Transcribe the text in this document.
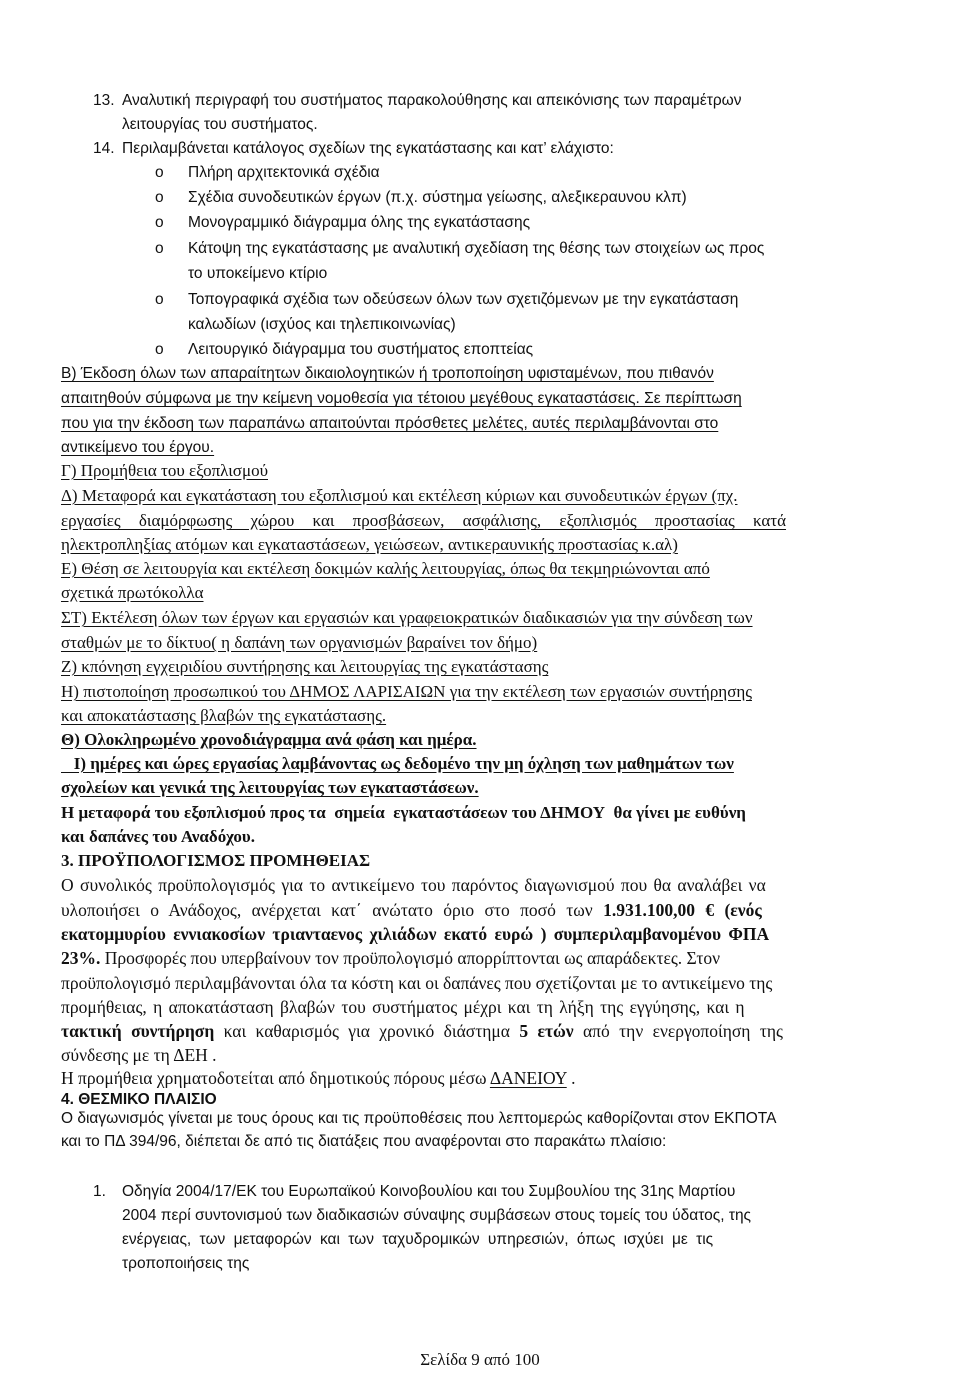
13. Αναλυτική περιγραφή του συστήματος παρακολούθησης και απεικόνισης των παραμέτρων
λειτουργίας του συστήματος.
14. Περιλαμβάνεται κατάλογος σχεδίων της εγκατάστασης και κατ’ ελάχιστο:
o Πλήρη αρχιτεκτονικά σχέδια
o Σχέδια συνοδευτικών έργων (π.χ. σύστημα γείωσης, αλεξικεραυνου κλπ)
o Μονογραμμικό διάγραμμα όλης της εγκατάστασης
o Κάτοψη της εγκατάστασης με αναλυτική σχεδίαση της θέσης των στοιχείων ως προς
το υποκείμενο κτίριο
o Τοπογραφικά σχέδια των οδεύσεων όλων των σχετιζόμενων με την εγκατάσταση
καλωδίων (ισχύος και τηλεπικοινωνίας)
o Λειτουργικό διάγραμμα του συστήματος εποπτείας
Β) Έκδοση όλων των απαραίτητων δικαιολογητικών ή τροποποίηση υφισταμένων, που πιθανόν
απαιτηθούν σύμφωνα με την κείμενη νομοθεσία για τέτοιου μεγέθους εγκαταστάσεις. Σε περίπτωση
που για την έκδοση των παραπάνω απαιτούνται πρόσθετες μελέτες, αυτές περιλαμβάνονται στο
αντικείμενο του έργου.
Γ) Προμήθεια του εξοπλισμού
Δ) Μεταφορά και εγκατάσταση του εξοπλισμού και εκτέλεση κύριων και συνοδευτικών έργων (πχ.
εργασίες διαμόρφωσης χώρου και προσβάσεων, ασφάλισης, εξοπλισμός προστασίας κατά
ηλεκτροπληξίας ατόμων και εγκαταστάσεων, γειώσεων, αντικεραυνικής προστασίας κ.αλ)
Ε) Θέση σε λειτουργία και εκτέλεση δοκιμών καλής λειτουργίας, όπως θα τεκμηριώνονται από
σχετικά πρωτόκολλα
ΣΤ) Εκτέλεση όλων των έργων και εργασιών και γραφειοκρατικών διαδικασιών για την σύνδεση των
σταθμών με το δίκτυο( η δαπάνη των οργανισμών βαραίνει τον δήμο)
Ζ) κπόνηση εγχειριδίου συντήρησης και λειτουργίας της εγκατάστασης
Η) πιστοποίηση προσωπικού του ΔΗΜΟΣ ΛΑΡΙΣΑΙΩΝ για την εκτέλεση των εργασιών συντήρησης
και αποκατάστασης βλαβών της εγκατάστασης.
Θ) Ολοκληρωμένο χρονοδιάγραμμα ανά φάση και ημέρα.
Ι) ημέρες και ώρες εργασίας λαμβάνοντας ως δεδομένο την μη όχληση των μαθημάτων των
σχολείων και γενικά της λειτουργίας των εγκαταστάσεων.
Η μεταφορά του εξοπλισμού προς τα  σημεία  εγκαταστάσεων του ΔΗΜΟΥ  θα γίνει με ευθύνη
και δαπάνες του Αναδόχου.
3. ΠΡΟΫΠΟΛΟΓΙΣΜΟΣ ΠΡΟΜΗΘΕΙΑΣ
Ο συνολικός προϋπολογισμός για το αντικείμενο του παρόντος διαγωνισμού που θα αναλάβει να
υλοποιήσει ο Ανάδοχος, ανέρχεται κατ΄ ανώτατο όριο στο ποσό των 1.931.100,00 € (ενός
εκατομμυρίου εννιακοσίων τριανταενος χιλιάδων εκατό ευρώ ) συμπεριλαμβανομένου ΦΠΑ
23%. Προσφορές που υπερβαίνουν τον προϋπολογισμό απορρίπτονται ως απαράδεκτες. Στον
προϋπολογισμό περιλαμβάνονται όλα τα κόστη και οι δαπάνες που σχετίζονται με το αντικείμενο της
προμήθειας, η αποκατάσταση βλαβών του συστήματος μέχρι και τη λήξη της εγγύησης, και η
τακτική συντήρηση και καθαρισμός για χρονικό διάστημα 5 ετών από την ενεργοποίηση της
σύνδεσης με τη ΔΕΗ .
Η προμήθεια χρηματοδοτείται από δημοτικούς πόρους μέσω ΔΑΝΕΙΟΥ .
4. ΘΕΣΜΙΚΟ ΠΛΑΙΣΙΟ
Ο διαγωνισμός γίνεται με τους όρους και τις προϋποθέσεις που λεπτομερώς καθορίζονται στον ΕΚΠΟΤΑ
και το ΠΔ 394/96, διέπεται δε από τις διατάξεις που αναφέρονται στο παρακάτω πλαίσιο:
1. Οδηγία 2004/17/ΕΚ του Ευρωπαϊκού Κοινοβουλίου και του Συμβουλίου της 31ης Μαρτίου
2004 περί συντονισμού των διαδικασιών σύναψης συμβάσεων στους τομείς του ύδατος, της
ενέργειας, των μεταφορών και των ταχυδρομικών υπηρεσιών, όπως ισχύει με τις
τροποποιήσεις της
Σελίδα 9 από 100
